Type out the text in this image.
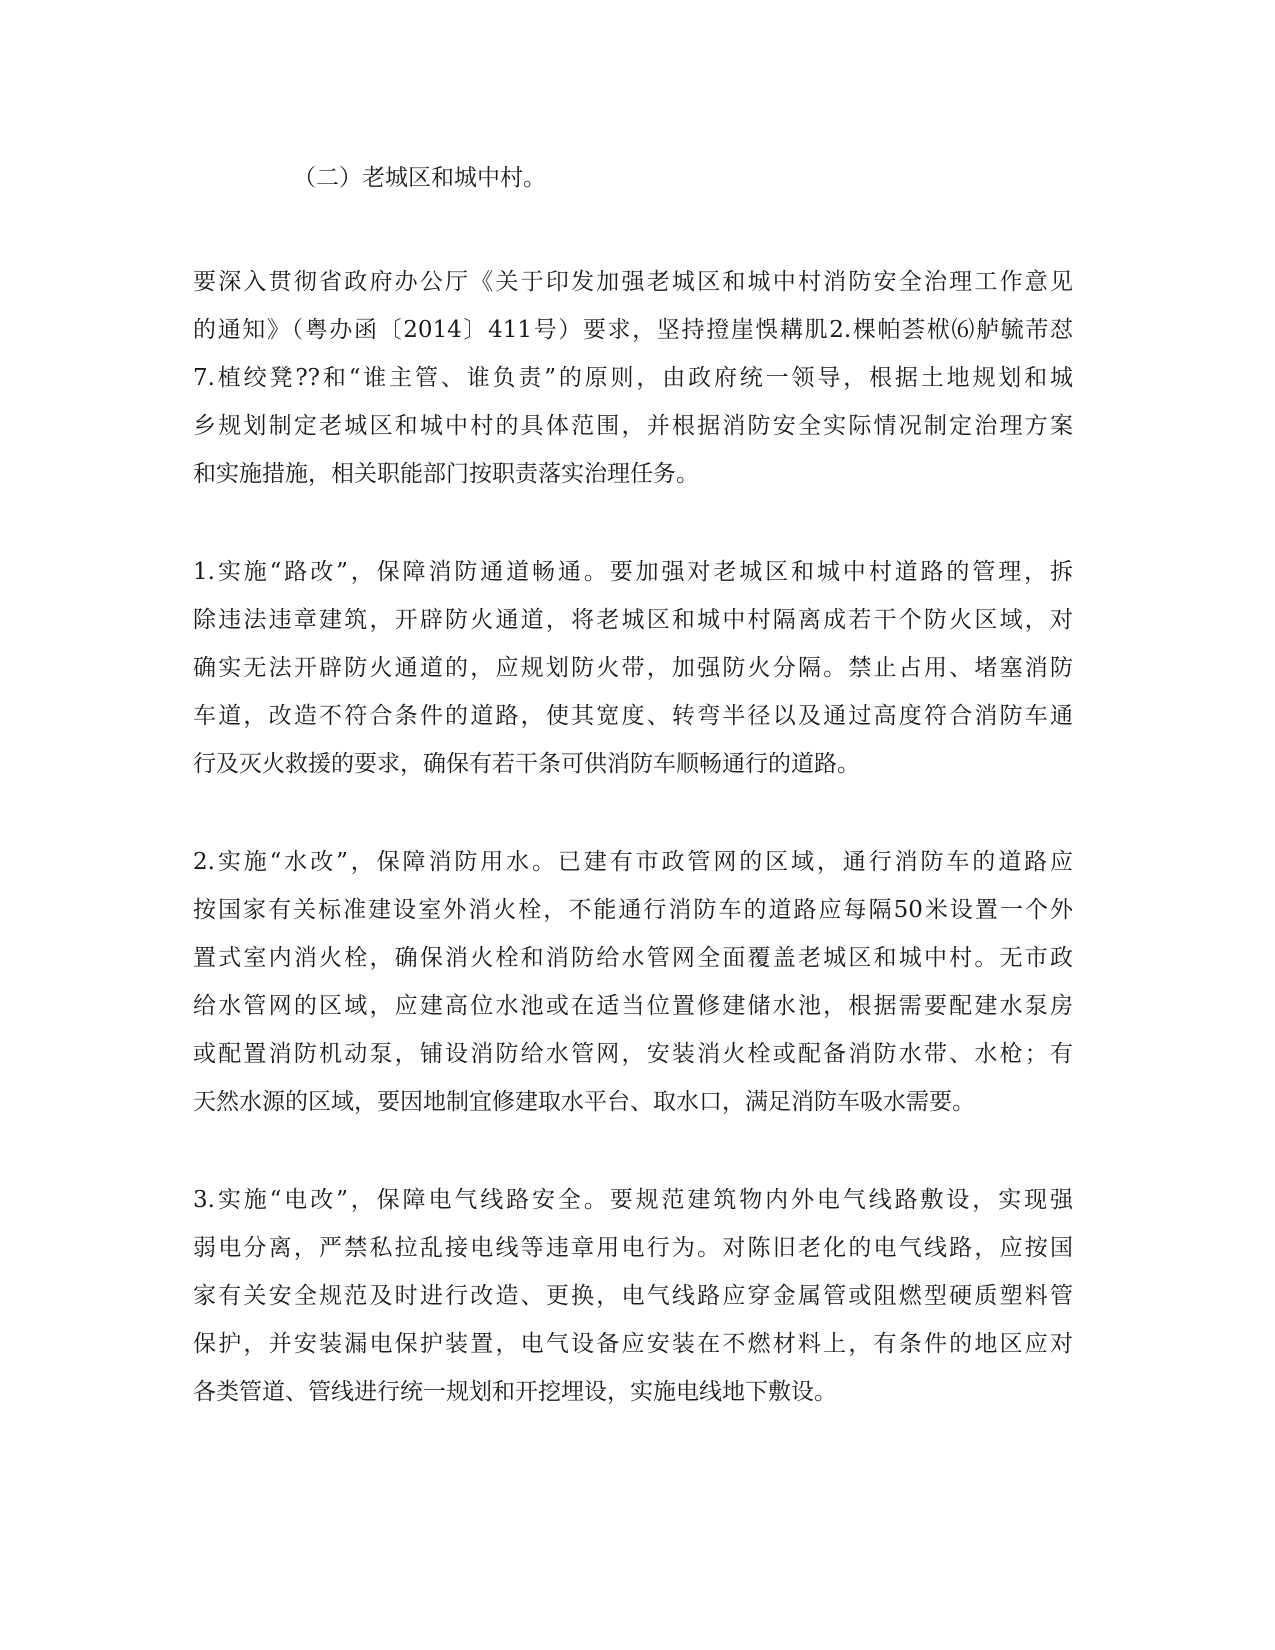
（二）老城区和城中村。
要深入贯彻省政府办公厅《关于印发加强老城区和城中村消防安全治理工作意见
的通知》（粤办函〔2014〕411号）要求，坚持撜崖悞耩肌2.棵帕荟栿⑹舻毓芾怼
7.植绞凳??和“谁主管、谁负责”的原则，由政府统一领导，根据土地规划和城
乡规划制定老城区和城中村的具体范围，并根据消防安全实际情况制定治理方案
和实施措施，相关职能部门按职责落实治理任务。
1.实施“路改”，保障消防通道畅通。要加强对老城区和城中村道路的管理，拆
除违法违章建筑，开辟防火通道，将老城区和城中村隔离成若干个防火区域，对
确实无法开辟防火通道的，应规划防火带，加强防火分隔。禁止占用、堵塞消防
车道，改造不符合条件的道路，使其宽度、转弯半径以及通过高度符合消防车通
行及灭火救援的要求，确保有若干条可供消防车顺畅通行的道路。
2.实施“水改”，保障消防用水。已建有市政管网的区域，通行消防车的道路应
按国家有关标准建设室外消火栓，不能通行消防车的道路应每隔50米设置一个外
置式室内消火栓，确保消火栓和消防给水管网全面覆盖老城区和城中村。无市政
给水管网的区域，应建高位水池或在适当位置修建储水池，根据需要配建水泵房
或配置消防机动泵，铺设消防给水管网，安装消火栓或配备消防水带、水枪；有
天然水源的区域，要因地制宜修建取水平台、取水口，满足消防车吸水需要。
3.实施“电改”，保障电气线路安全。要规范建筑物内外电气线路敷设，实现强
弱电分离，严禁私拉乱接电线等违章用电行为。对陈旧老化的电气线路，应按国
家有关安全规范及时进行改造、更换，电气线路应穿金属管或阻燃型硬质塑料管
保护，并安装漏电保护装置，电气设备应安装在不燃材料上，有条件的地区应对
各类管道、管线进行统一规划和开挖埋设，实施电线地下敷设。
